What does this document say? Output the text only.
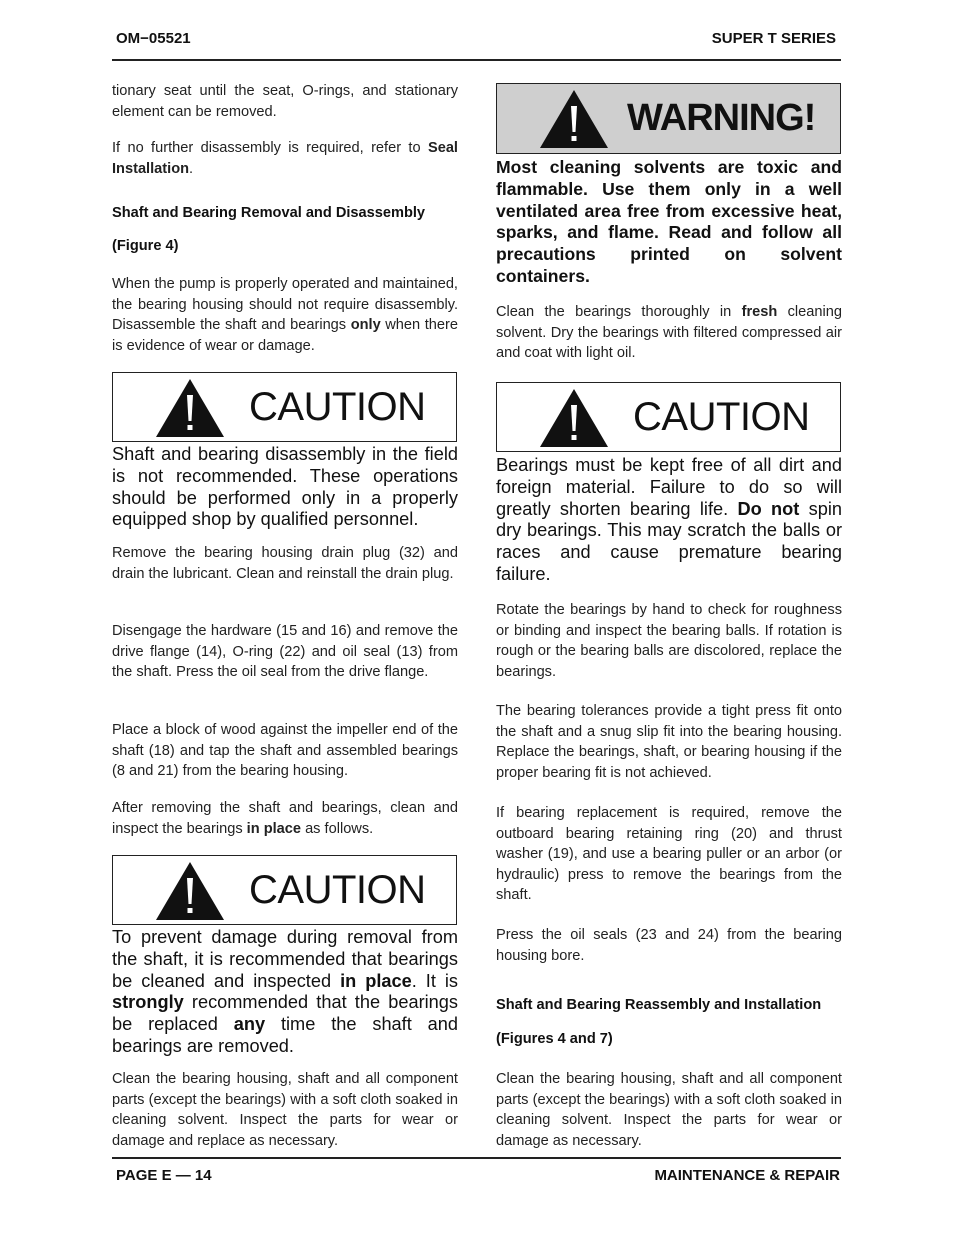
OM−05521	SUPER T SERIES

tionary seat until the seat, O-rings, and stationary element can be removed.

If no further disassembly is required, refer to Seal Installation.

Shaft and Bearing Removal and Disassembly
(Figure 4)

When the pump is properly operated and maintained, the bearing housing should not require disassembly. Disassemble the shaft and bearings only when there is evidence of wear or damage.

CAUTION

Shaft and bearing disassembly in the field is not recommended. These operations should be performed only in a properly equipped shop by qualified personnel.

Remove the bearing housing drain plug (32) and drain the lubricant. Clean and reinstall the drain plug.

Disengage the hardware (15 and 16) and remove the drive flange (14), O-ring (22) and oil seal (13) from the shaft. Press the oil seal from the drive flange.

Place a block of wood against the impeller end of the shaft (18) and tap the shaft and assembled bearings (8 and 21) from the bearing housing.

After removing the shaft and bearings, clean and inspect the bearings in place as follows.

CAUTION

To prevent damage during removal from the shaft, it is recommended that bearings be cleaned and inspected in place. It is strongly recommended that the bearings be replaced any time the shaft and bearings are removed.

Clean the bearing housing, shaft and all component parts (except the bearings) with a soft cloth soaked in cleaning solvent. Inspect the parts for wear or damage and replace as necessary.

WARNING!

Most cleaning solvents are toxic and flammable. Use them only in a well ventilated area free from excessive heat, sparks, and flame. Read and follow all precautions printed on solvent containers.

Clean the bearings thoroughly in fresh cleaning solvent. Dry the bearings with filtered compressed air and coat with light oil.

CAUTION

Bearings must be kept free of all dirt and foreign material. Failure to do so will greatly shorten bearing life. Do not spin dry bearings. This may scratch the balls or races and cause premature bearing failure.

Rotate the bearings by hand to check for roughness or binding and inspect the bearing balls. If rotation is rough or the bearing balls are discolored, replace the bearings.

The bearing tolerances provide a tight press fit onto the shaft and a snug slip fit into the bearing housing. Replace the bearings, shaft, or bearing housing if the proper bearing fit is not achieved.

If bearing replacement is required, remove the outboard bearing retaining ring (20) and thrust washer (19), and use a bearing puller or an arbor (or hydraulic) press to remove the bearings from the shaft.

Press the oil seals (23 and 24) from the bearing housing bore.

Shaft and Bearing Reassembly and Installation
(Figures 4 and 7)

Clean the bearing housing, shaft and all component parts (except the bearings) with a soft cloth soaked in cleaning solvent. Inspect the parts for wear or damage as necessary.

PAGE E — 14	MAINTENANCE & REPAIR
